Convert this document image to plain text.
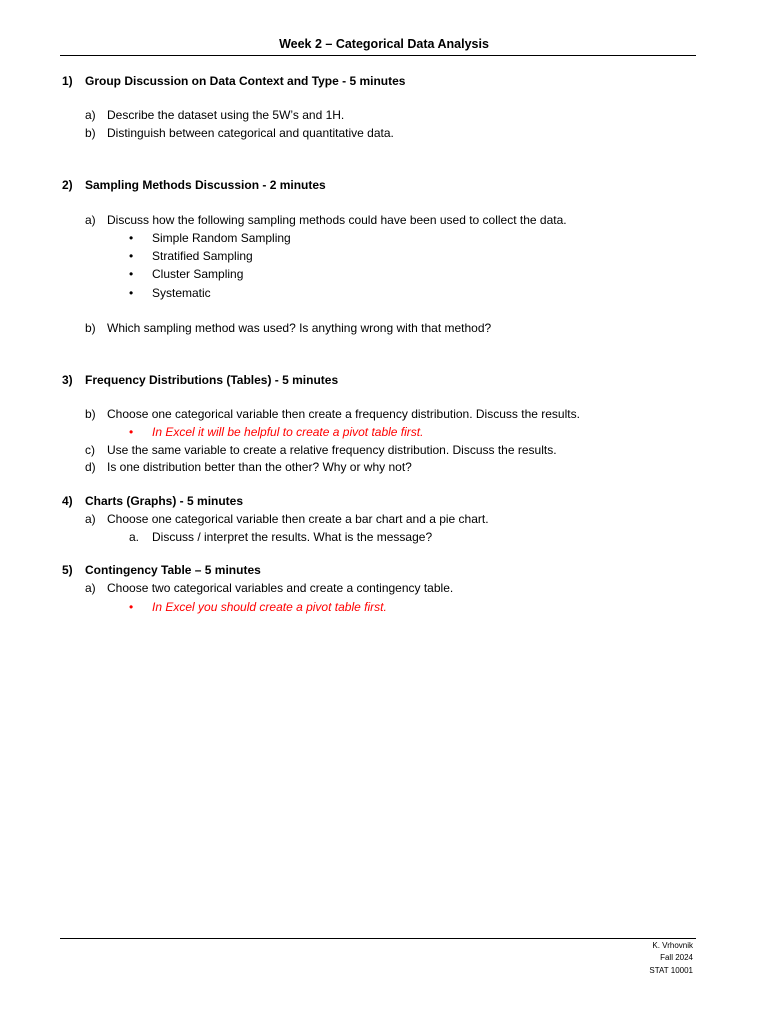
Week 2 – Categorical Data Analysis
1) Group Discussion on Data Context and Type - 5 minutes
a) Describe the dataset using the 5W’s and 1H.
b) Distinguish between categorical and quantitative data.
2) Sampling Methods Discussion - 2 minutes
a) Discuss how the following sampling methods could have been used to collect the data.
• Simple Random Sampling
• Stratified Sampling
• Cluster Sampling
• Systematic
b) Which sampling method was used? Is anything wrong with that method?
3) Frequency Distributions (Tables) - 5 minutes
b) Choose one categorical variable then create a frequency distribution. Discuss the results.
• In Excel it will be helpful to create a pivot table first.
c) Use the same variable to create a relative frequency distribution. Discuss the results.
d) Is one distribution better than the other? Why or why not?
4) Charts (Graphs) - 5 minutes
a) Choose one categorical variable then create a bar chart and a pie chart.
a. Discuss / interpret the results. What is the message?
5) Contingency Table – 5 minutes
a) Choose two categorical variables and create a contingency table.
• In Excel you should create a pivot table first.
K. Vrhovnik
Fall 2024
STAT 10001
